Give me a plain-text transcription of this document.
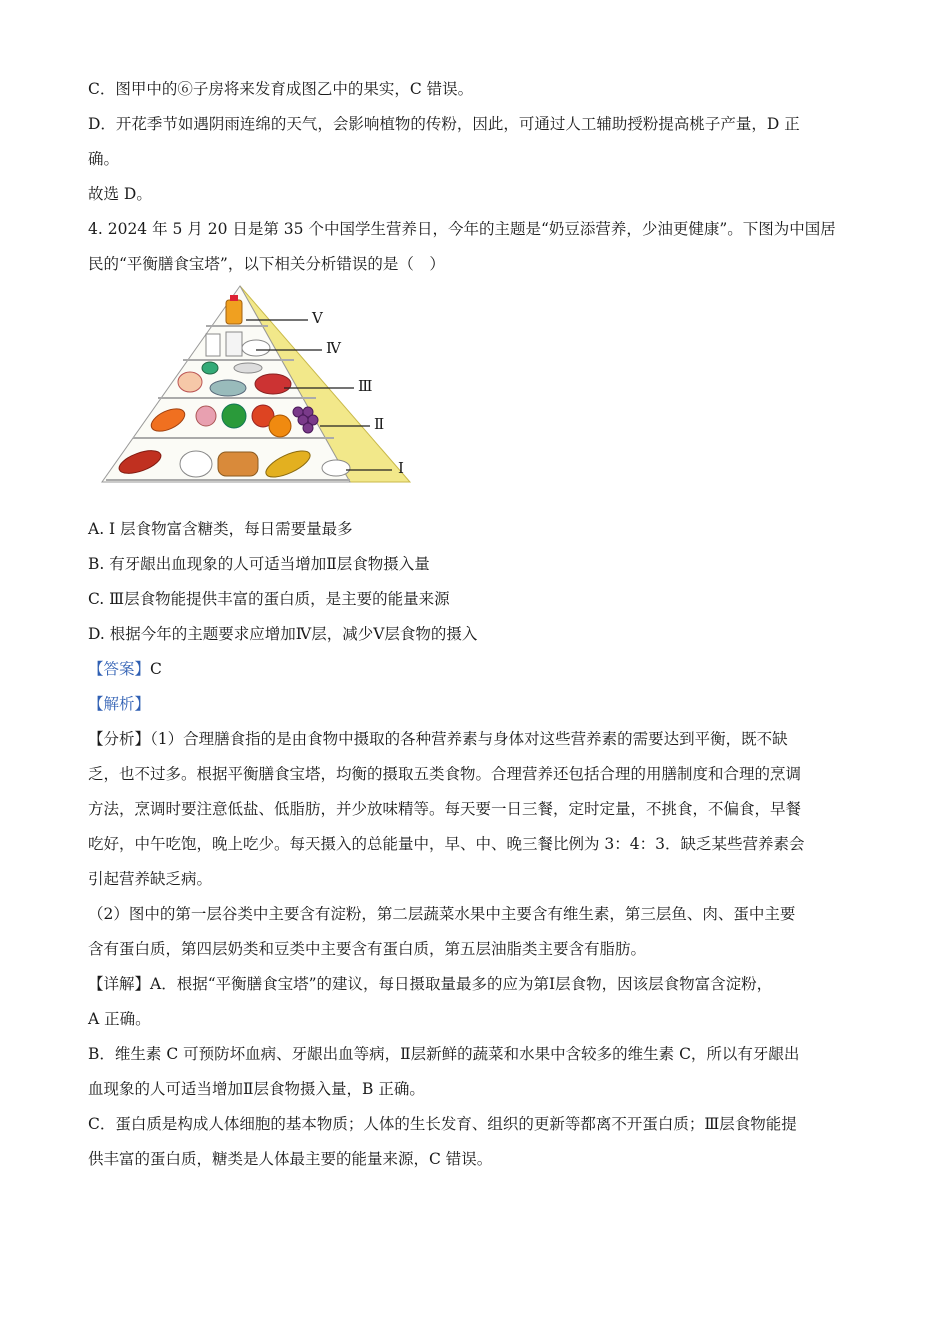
C．图甲中的⑥子房将来发育成图乙中的果实，C 错误。
D．开花季节如遇阴雨连绵的天气，会影响植物的传粉，因此，可通过人工辅助授粉提高桃子产量，D 正
确。
故选 D。
4. 2024 年 5 月 20 日是第 35 个中国学生营养日，今年的主题是“奶豆添营养，少油更健康”。下图为中国居
民的“平衡膳食宝塔”，以下相关分析错误的是（　）
Ⅴ
Ⅳ
Ⅲ
Ⅱ
Ⅰ
A. Ⅰ 层食物富含糖类，每日需要量最多
B. 有牙龈出血现象的人可适当增加Ⅱ层食物摄入量
C. Ⅲ层食物能提供丰富的蛋白质，是主要的能量来源
D. 根据今年的主题要求应增加Ⅳ层，减少Ⅴ层食物的摄入
【答案】C
【解析】
【分析】（1）合理膳食指的是由食物中摄取的各种营养素与身体对这些营养素的需要达到平衡，既不缺
乏，也不过多。根据平衡膳食宝塔，均衡的摄取五类食物。合理营养还包括合理的用膳制度和合理的烹调
方法，烹调时要注意低盐、低脂肪，并少放味精等。每天要一日三餐，定时定量，不挑食，不偏食，早餐
吃好，中午吃饱，晚上吃少。每天摄入的总能量中，早、中、晚三餐比例为 3：4：3．缺乏某些营养素会
引起营养缺乏病。
（2）图中的第一层谷类中主要含有淀粉，第二层蔬菜水果中主要含有维生素，第三层鱼、肉、蛋中主要
含有蛋白质，第四层奶类和豆类中主要含有蛋白质，第五层油脂类主要含有脂肪。
【详解】A．根据“平衡膳食宝塔”的建议，每日摄取量最多的应为第Ⅰ层食物，因该层食物富含淀粉，
A 正确。
B．维生素 C 可预防坏血病、牙龈出血等病，Ⅱ层新鲜的蔬菜和水果中含较多的维生素 C，所以有牙龈出
血现象的人可适当增加Ⅱ层食物摄入量，B 正确。
C．蛋白质是构成人体细胞的基本物质；人体的生长发育、组织的更新等都离不开蛋白质；Ⅲ层食物能提
供丰富的蛋白质，糖类是人体最主要的能量来源，C 错误。
